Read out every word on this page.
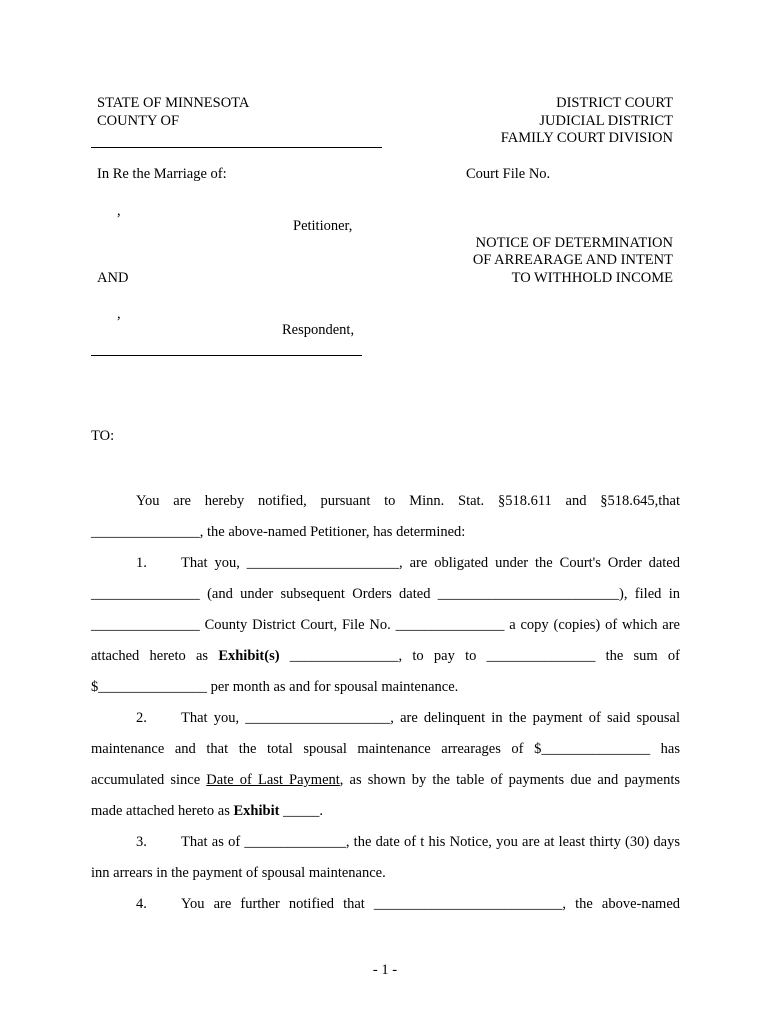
STATE OF MINNESOTA
COUNTY OF
DISTRICT COURT
JUDICIAL DISTRICT
FAMILY COURT DIVISION
In Re the Marriage of:	Court File No.
,
Petitioner,
NOTICE OF DETERMINATION
OF ARREARAGE AND INTENT
TO WITHHOLD INCOME
AND
,
Respondent,
TO:
You are hereby notified, pursuant to Minn. Stat. §518.611 and §518.645,that
_______________, the above-named Petitioner, has determined:
1. That you, _____________________, are obligated under the Court's Order dated
_______________ (and under subsequent Orders dated _________________________), filed in
_______________ County District Court, File No. _______________ a copy (copies) of which are
attached hereto as Exhibit(s) _______________, to pay to _______________ the sum of
$_______________ per month as and for spousal maintenance.
2. That you, ____________________, are delinquent in the payment of said spousal
maintenance and that the total spousal maintenance arrearages of $_______________ has
accumulated since Date of Last Payment, as shown by the table of payments due and payments
made attached hereto as Exhibit _____.
3. That as of ______________, the date of t his Notice, you are at least thirty (30) days
inn arrears in the payment of spousal maintenance.
4. You are further notified that __________________________, the above-named
- 1 -
